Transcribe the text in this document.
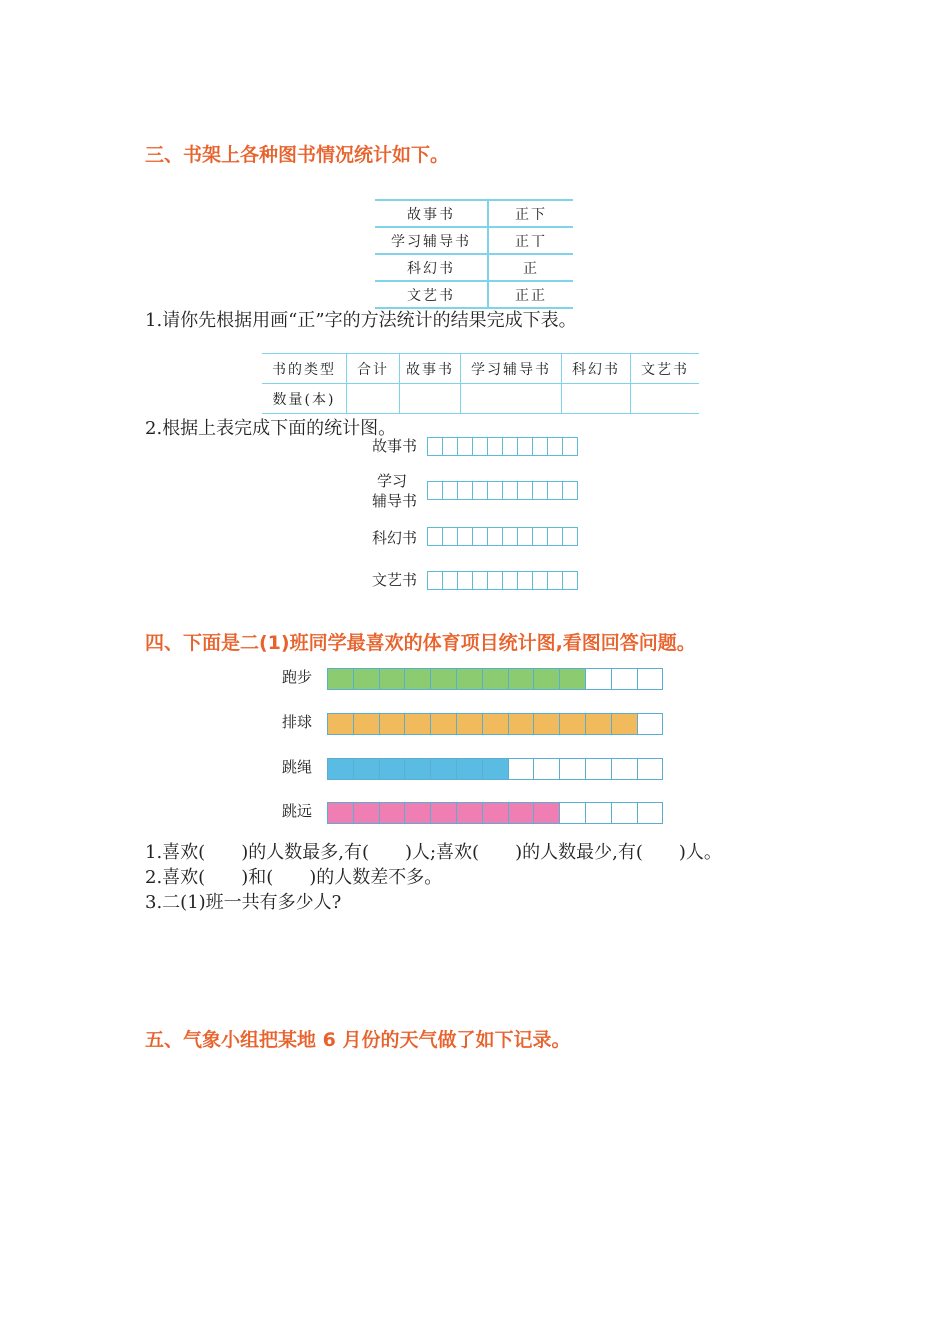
三、书架上各种图书情况统计如下。
故事书	正下
学习辅导书	正丅
科幻书	正
文艺书	正正
1.请你先根据用画“正”字的方法统计的结果完成下表。
书的类型	合计	故事书	学习辅导书	科幻书	文艺书
数量(本)					
2.根据上表完成下面的统计图。
故事书
学习
辅导书
科幻书
文艺书
四、下面是二(1)班同学最喜欢的体育项目统计图,看图回答问题。
跑步
排球
跳绳
跳远
1.喜欢(　　)的人数最多,有(　　)人;喜欢(　　)的人数最少,有(　　)人。
2.喜欢(　　)和(　　)的人数差不多。
3.二(1)班一共有多少人?
五、气象小组把某地 6 月份的天气做了如下记录。
